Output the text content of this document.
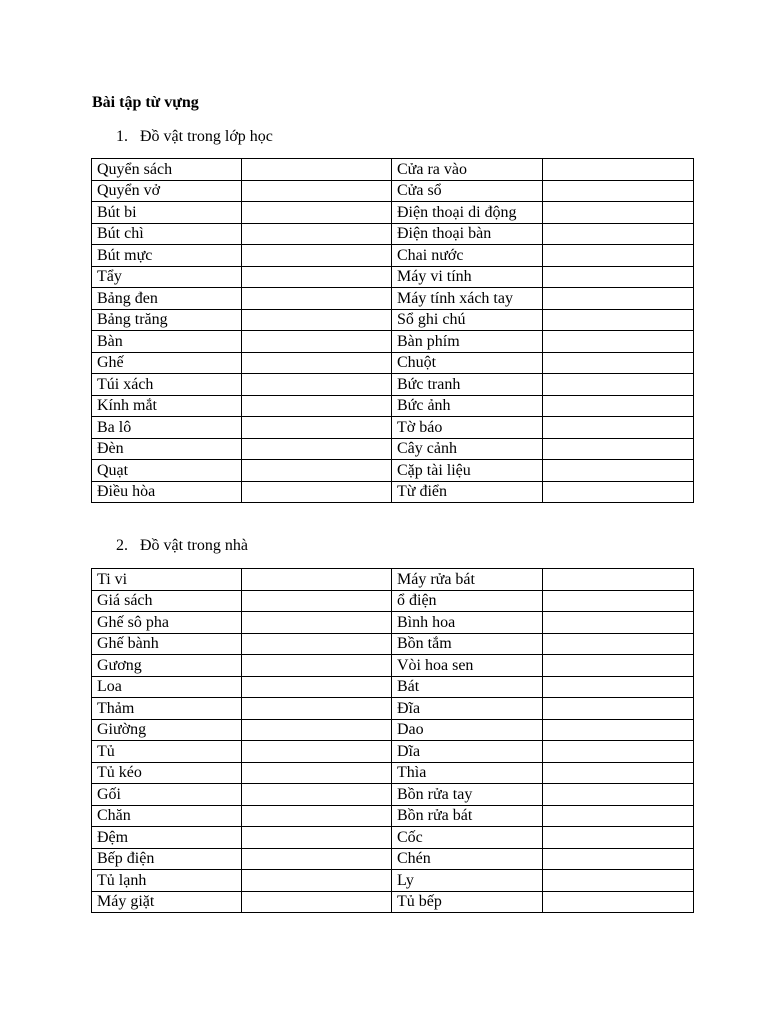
Bài tập từ vựng
1. Đồ vật trong lớp học
Quyển sách		Cửa ra vào	
Quyển vở		Cửa sổ	
Bút bi		Điện thoại di động	
Bút chì		Điện thoại bàn	
Bút mực		Chai nước	
Tẩy		Máy vi tính	
Bảng đen		Máy tính xách tay	
Bảng trăng		Sổ ghi chú	
Bàn		Bàn phím	
Ghế		Chuột	
Túi xách		Bức tranh	
Kính mắt		Bức ảnh	
Ba lô		Tờ báo	
Đèn		Cây cảnh	
Quạt		Cặp tài liệu	
Điều hòa		Từ điển	
2. Đồ vật trong nhà
Ti vi		Máy rửa bát	
Giá sách		ổ điện	
Ghế sô pha		Bình hoa	
Ghế bành		Bồn tắm	
Gương		Vòi hoa sen	
Loa		Bát	
Thảm		Đĩa	
Giường		Dao	
Tủ		Dĩa	
Tủ kéo		Thìa	
Gối		Bồn rửa tay	
Chăn		Bồn rửa bát	
Đệm		Cốc	
Bếp điện		Chén	
Tủ lạnh		Ly	
Máy giặt		Tủ bếp	
